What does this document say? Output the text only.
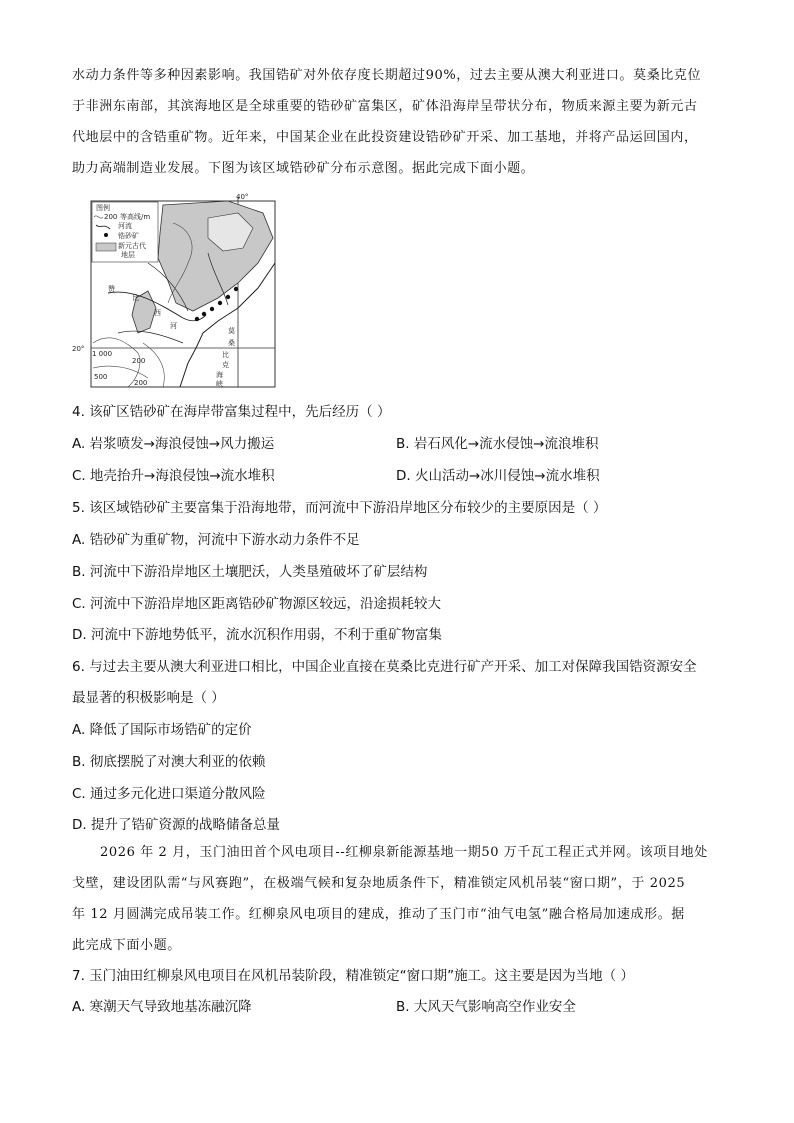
水动力条件等多种因素影响。我国锆矿对外依存度长期超过90%，过去主要从澳大利亚进口。莫桑比克位
于非洲东南部，其滨海地区是全球重要的锆砂矿富集区，矿体沿海岸呈带状分布，物质来源主要为新元古
代地层中的含锆重矿物。近年来，中国某企业在此投资建设锆砂矿开采、加工基地，并将产品运回国内，
助力高端制造业发展。下图为该区域锆砂矿分布示意图。据此完成下面小题。
图例
200 等高线/m
河流
锆砂矿
新元古代
地层
40°
20°
1 000
500
200
200
赞
比
西
河
莫
桑
比
克
海
峡
4. 该矿区锆砂矿在海岸带富集过程中，先后经历（ ）
A. 岩浆喷发→海浪侵蚀→风力搬运	B. 岩石风化→流水侵蚀→流浪堆积
C. 地壳抬升→海浪侵蚀→流水堆积	D. 火山活动→冰川侵蚀→流水堆积
5. 该区域锆砂矿主要富集于沿海地带，而河流中下游沿岸地区分布较少的主要原因是（ ）
A. 锆砂矿为重矿物，河流中下游水动力条件不足
B. 河流中下游沿岸地区土壤肥沃，人类垦殖破坏了矿层结构
C. 河流中下游沿岸地区距离锆砂矿物源区较远，沿途损耗较大
D. 河流中下游地势低平，流水沉积作用弱，不利于重矿物富集
6. 与过去主要从澳大利亚进口相比，中国企业直接在莫桑比克进行矿产开采、加工对保障我国锆资源安全
最显著的积极影响是（ ）
A. 降低了国际市场锆矿的定价
B. 彻底摆脱了对澳大利亚的依赖
C. 通过多元化进口渠道分散风险
D. 提升了锆矿资源的战略储备总量
2026 年 2 月，玉门油田首个风电项目--红柳泉新能源基地一期50 万千瓦工程正式并网。该项目地处
戈壁，建设团队需“与风赛跑”，在极端气候和复杂地质条件下，精准锁定风机吊装“窗口期”，于 2025
年 12 月圆满完成吊装工作。红柳泉风电项目的建成，推动了玉门市“油气电氢”融合格局加速成形。据
此完成下面小题。
7. 玉门油田红柳泉风电项目在风机吊装阶段，精准锁定“窗口期”施工。这主要是因为当地（ ）
A. 寒潮天气导致地基冻融沉降	B. 大风天气影响高空作业安全
